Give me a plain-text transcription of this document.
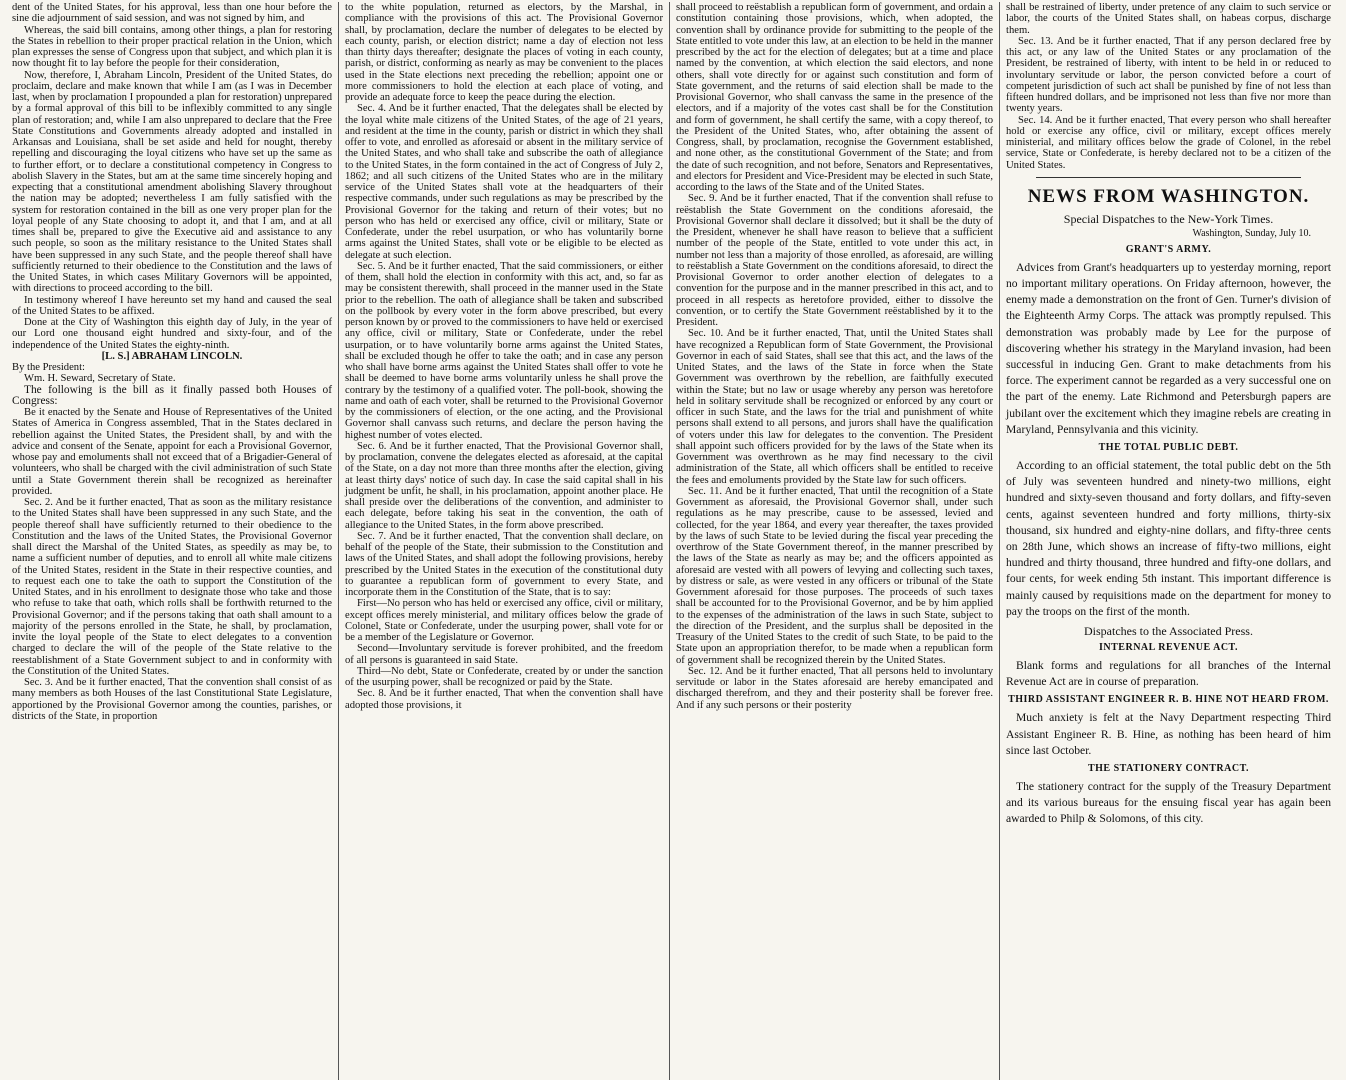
dent of the United States, for his approval, less than one hour before the sine die adjournment of said session, and was not signed by him, and

Whereas, the said bill contains, among other things, a plan for restoring the States in rebellion to their proper practical relation in the Union, which plan expresses the sense of Congress upon that subject, and which plan it is now thought fit to lay before the people for their consideration,

Now, therefore, I, Abraham Lincoln, President of the United States, do proclaim, declare and make known that while I am (as I was in December last, when by proclamation I propounded a plan for restoration) unprepared by a formal approval of this bill to be inflexibly committed to any single plan of restoration; and, while I am also unprepared to declare that the Free State Constitutions and Governments already adopted and installed in Arkansas and Louisiana, shall be set aside and held for nought, thereby repelling and discouraging the loyal citizens who have set up the same as to further effort, or to declare a constitutional competency in Congress to abolish Slavery in the States, but am at the same time sincerely hoping and expecting that a constitutional amendment abolishing Slavery throughout the nation may be adopted; nevertheless I am fully satisfied with the system for restoration contained in the bill as one very proper plan for the loyal people of any State choosing to adopt it, and that I am, and at all times shall be, prepared to give the Executive aid and assistance to any such people, so soon as the military resistance to the United States shall have been suppressed in any such State, and the people thereof shall have sufficiently returned to their obedience to the Constitution and the laws of the United States, in which cases Military Governors will be appointed, with directions to proceed according to the bill.

In testimony whereof I have hereunto set my hand and caused the seal of the United States to be affixed.

Done at the City of Washington this eighth day of July, in the year of our Lord one thousand eight hundred and sixty-four, and of the independence of the United States the eighty-ninth.

[L. S.] ABRAHAM LINCOLN.

By the President:

Wm. H. Seward, Secretary of State.

The following is the bill as it finally passed both Houses of Congress:

Be it enacted by the Senate and House of Representatives of the United States of America in Congress assembled, That in the States declared in rebellion against the United States, the President shall, by and with the advice and consent of the Senate, appoint for each a Provisional Governor, whose pay and emoluments shall not exceed that of a Brigadier-General of volunteers, who shall be charged with the civil administration of such State until a State Government therein shall be recognized as hereinafter provided.

Sec. 2. And be it further enacted, That as soon as the military resistance to the United States shall have been suppressed in any such State, and the people thereof shall have sufficiently returned to their obedience to the Constitution and the laws of the United States, the Provisional Governor shall direct the Marshal of the United States, as speedily as may be, to name a sufficient number of deputies, and to enroll all white male citizens of the United States, resident in the State in their respective counties, and to request each one to take the oath to support the Constitution of the United States, and in his enrollment to designate those who take and those who refuse to take that oath, which rolls shall be forthwith returned to the Provisional Governor; and if the persons taking that oath shall amount to a majority of the persons enrolled in the State, he shall, by proclamation, invite the loyal people of the State to elect delegates to a convention charged to declare the will of the people of the State relative to the reestablishment of a State Government subject to and in conformity with the Constitution of the United States.

Sec. 3. And be it further enacted, That the convention shall consist of as many members as both Houses of the last Constitutional State Legislature, apportioned by the Provisional Governor among the counties, parishes, or districts of the State, in proportion

to the white population, returned as electors, by the Marshal, in compliance with the provisions of this act. The Provisional Governor shall, by proclamation, declare the number of delegates to be elected by each county, parish, or election district; name a day of election not less than thirty days thereafter; designate the places of voting in each county, parish, or district, conforming as nearly as may be convenient to the places used in the State elections next preceding the rebellion; appoint one or more commissioners to hold the election at each place of voting, and provide an adequate force to keep the peace during the election.

Sec. 4. And be it further enacted, That the delegates shall be elected by the loyal white male citizens of the United States, of the age of 21 years, and resident at the time in the county, parish or district in which they shall offer to vote, and enrolled as aforesaid or absent in the military service of the United States, and who shall take and subscribe the oath of allegiance to the United States, in the form contained in the act of Congress of July 2, 1862; and all such citizens of the United States who are in the military service of the United States shall vote at the headquarters of their respective commands, under such regulations as may be prescribed by the Provisional Governor for the taking and return of their votes; but no person who has held or exercised any office, civil or military, State or Confederate, under the rebel usurpation, or who has voluntarily borne arms against the United States, shall vote or be eligible to be elected as delegate at such election.

Sec. 5. And be it further enacted, That the said commissioners, or either of them, shall hold the election in conformity with this act, and, so far as may be consistent therewith, shall proceed in the manner used in the State prior to the rebellion. The oath of allegiance shall be taken and subscribed on the pollbook by every voter in the form above prescribed, but every person known by or proved to the commissioners to have held or exercised any office, civil or military, State or Confederate, under the rebel usurpation, or to have voluntarily borne arms against the United States, shall be excluded though he offer to take the oath; and in case any person who shall have borne arms against the United States shall offer to vote he shall be deemed to have borne arms voluntarily unless he shall prove the contrary by the testimony of a qualified voter. The poll-book, showing the name and oath of each voter, shall be returned to the Provisional Governor by the commissioners of election, or the one acting, and the Provisional Governor shall canvass such returns, and declare the person having the highest number of votes elected.

Sec. 6. And be it further enacted, That the Provisional Governor shall, by proclamation, convene the delegates elected as aforesaid, at the capital of the State, on a day not more than three months after the election, giving at least thirty days' notice of such day. In case the said capital shall in his judgment be unfit, he shall, in his proclamation, appoint another place. He shall preside over the deliberations of the convention, and administer to each delegate, before taking his seat in the convention, the oath of allegiance to the United States, in the form above prescribed.

Sec. 7. And be it further enacted, That the convention shall declare, on behalf of the people of the State, their submission to the Constitution and laws of the United States, and shall adopt the following provisions, hereby prescribed by the United States in the execution of the constitutional duty to guarantee a republican form of government to every State, and incorporate them in the Constitution of the State, that is to say:

First—No person who has held or exercised any office, civil or military, except offices merely ministerial, and military offices below the grade of Colonel, State or Confederate, under the usurping power, shall vote for or be a member of the Legislature or Governor.

Second—Involuntary servitude is forever prohibited, and the freedom of all persons is guaranteed in said State.

Third—No debt, State or Confederate, created by or under the sanction of the usurping power, shall be recognized or paid by the State.

Sec. 8. And be it further enacted, That when the convention shall have adopted those provisions, it

shall proceed to reëstablish a republican form of government, and ordain a constitution containing those provisions, which, when adopted, the convention shall by ordinance provide for submitting to the people of the State entitled to vote under this law, at an election to be held in the manner prescribed by the act for the election of delegates; but at a time and place named by the convention, at which election the said electors, and none others, shall vote directly for or against such constitution and form of State government, and the returns of said election shall be made to the Provisional Governor, who shall canvass the same in the presence of the electors, and if a majority of the votes cast shall be for the Constitution and form of government, he shall certify the same, with a copy thereof, to the President of the United States, who, after obtaining the assent of Congress, shall, by proclamation, recognise the Government established, and none other, as the constitutional Government of the State; and from the date of such recognition, and not before, Senators and Representatives, and electors for President and Vice-President may be elected in such State, according to the laws of the State and of the United States.

Sec. 9. And be it further enacted, That if the convention shall refuse to reëstablish the State Government on the conditions aforesaid, the Provisional Governor shall declare it dissolved; but it shall be the duty of the President, whenever he shall have reason to believe that a sufficient number of the people of the State, entitled to vote under this act, in number not less than a majority of those enrolled, as aforesaid, are willing to reëstablish a State Government on the conditions aforesaid, to direct the Provisional Governor to order another election of delegates to a convention for the purpose and in the manner prescribed in this act, and to proceed in all respects as heretofore provided, either to dissolve the convention, or to certify the State Government reëstablished by it to the President.

Sec. 10. And be it further enacted, That, until the United States shall have recognized a Republican form of State Government, the Provisional Governor in each of said States, shall see that this act, and the laws of the United States, and the laws of the State in force when the State Government was overthrown by the rebellion, are faithfully executed within the State; but no law or usage whereby any person was heretofore held in solitary servitude shall be recognized or enforced by any court or officer in such State, and the laws for the trial and punishment of white persons shall extend to all persons, and jurors shall have the qualification of voters under this law for delegates to the convention. The President shall appoint such officers provided for by the laws of the State when its Government was overthrown as he may find necessary to the civil administration of the State, all which officers shall be entitled to receive the fees and emoluments provided by the State law for such officers.

Sec. 11. And be it further enacted, That until the recognition of a State Government as aforesaid, the Provisional Governor shall, under such regulations as he may prescribe, cause to be assessed, levied and collected, for the year 1864, and every year thereafter, the taxes provided by the laws of such State to be levied during the fiscal year preceding the overthrow of the State Government thereof, in the manner prescribed by the laws of the State as nearly as may be; and the officers appointed as aforesaid are vested with all powers of levying and collecting such taxes, by distress or sale, as were vested in any officers or tribunal of the State Government aforesaid for those purposes. The proceeds of such taxes shall be accounted for to the Provisional Governor, and be by him applied to the expenses of the administration of the laws in such State, subject to the direction of the President, and the surplus shall be deposited in the Treasury of the United States to the credit of such State, to be paid to the State upon an appropriation therefor, to be made when a republican form of government shall be recognized therein by the United States.

Sec. 12. And be it further enacted, That all persons held to involuntary servitude or labor in the States aforesaid are hereby emancipated and discharged therefrom, and they and their posterity shall be forever free. And if any such persons or their posterity

shall be restrained of liberty, under pretence of any claim to such service or labor, the courts of the United States shall, on habeas corpus, discharge them.

Sec. 13. And be it further enacted, That if any person declared free by this act, or any law of the United States or any proclamation of the President, be restrained of liberty, with intent to be held in or reduced to involuntary servitude or labor, the person convicted before a court of competent jurisdiction of such act shall be punished by fine of not less than fifteen hundred dollars, and be imprisoned not less than five nor more than twenty years.

Sec. 14. And be it further enacted, That every person who shall hereafter hold or exercise any office, civil or military, except offices merely ministerial, and military offices below the grade of Colonel, in the rebel service, State or Confederate, is hereby declared not to be a citizen of the United States.

NEWS FROM WASHINGTON.
Special Dispatches to the New-York Times.
Washington, Sunday, July 10.
GRANT'S ARMY.

Advices from Grant's headquarters up to yesterday morning, report no important military operations. On Friday afternoon, however, the enemy made a demonstration on the front of Gen. Turner's division of the Eighteenth Army Corps. The attack was promptly repulsed. This demonstration was probably made by Lee for the purpose of discovering whether his strategy in the Maryland invasion, had been successful in inducing Gen. Grant to make detachments from his force. The experiment cannot be regarded as a very successful one on the part of the enemy. Late Richmond and Petersburgh papers are jubilant over the excitement which they imagine rebels are creating in Maryland, Pennsylvania and this vicinity.

THE TOTAL PUBLIC DEBT.

According to an official statement, the total public debt on the 5th of July was seventeen hundred and ninety-two millions, eight hundred and sixty-seven thousand and forty dollars, and fifty-seven cents, against seventeen hundred and forty millions, thirty-six thousand, six hundred and eighty-nine dollars, and fifty-three cents on 28th June, which shows an increase of fifty-two millions, eight hundred and thirty thousand, three hundred and fifty-one dollars, and four cents, for week ending 5th instant. This important difference is mainly caused by requisitions made on the department for money to pay the troops on the first of the month.

Dispatches to the Associated Press.
INTERNAL REVENUE ACT.

Blank forms and regulations for all branches of the Internal Revenue Act are in course of preparation.

THIRD ASSISTANT ENGINEER R. B. HINE NOT HEARD FROM.

Much anxiety is felt at the Navy Department respecting Third Assistant Engineer R. B. Hine, as nothing has been heard of him since last October.

THE STATIONERY CONTRACT.

The stationery contract for the supply of the Treasury Department and its various bureaus for the ensuing fiscal year has again been awarded to Philp & Solomons, of this city.
